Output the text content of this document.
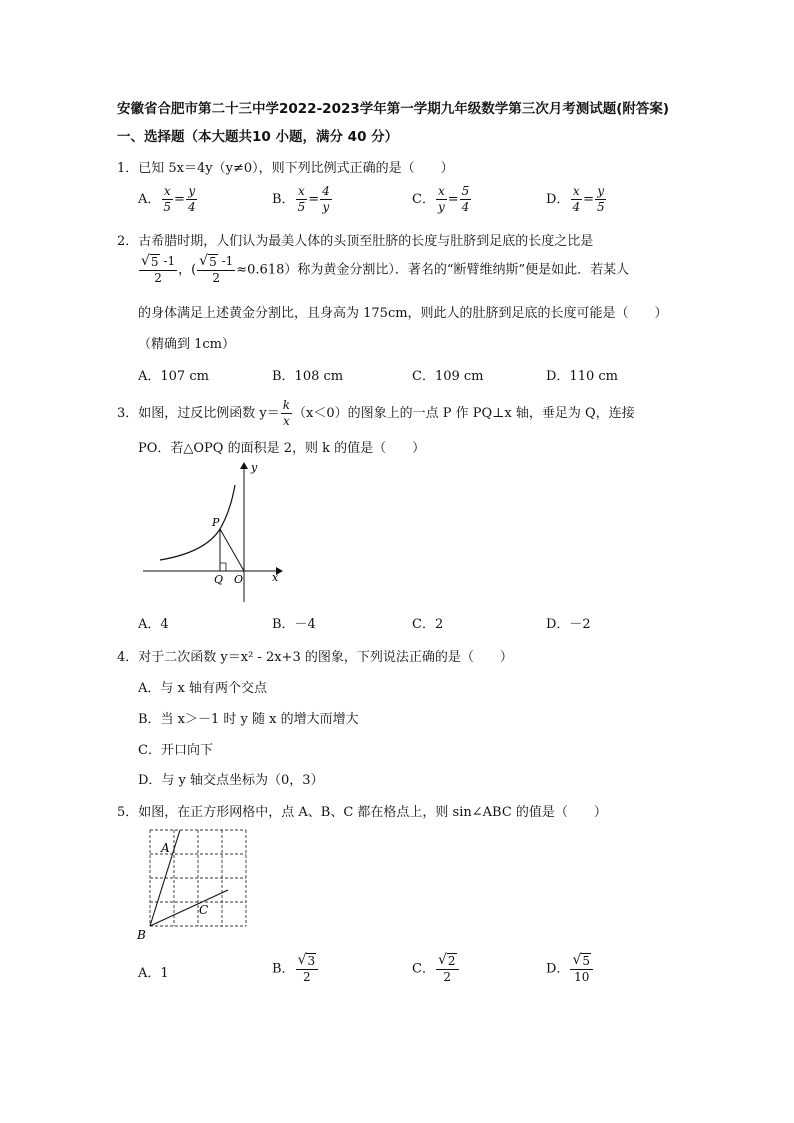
安徽省合肥市第二十三中学2022-2023学年第一学期九年级数学第三次月考测试题(附答案)
一、选择题（本大题共10 小题，满分 40 分）
1．已知 5x＝4y（y≠0），则下列比例式正确的是（　　）
A． $\frac{x}{5} = \frac{y}{4}$	B． $\frac{x}{5} = \frac{4}{y}$	C． $\frac{x}{y} = \frac{5}{4}$	D． $\frac{x}{4} = \frac{y}{5}$
2．古希腊时期，人们认为最美人体的头顶至肚脐的长度与肚脐到足底的长度之比是
$\frac{√ 5 -1}{2}$ ，( $\frac{√ 5 -1}{2} \approx 0.618$）称为黄金分割比）．著名的“断臂维纳斯”便是如此．若某人
的身体满足上述黄金分割比，且身高为 175cm，则此人的肚脐到足底的长度可能是（　　）
（精确到 1cm）
A．107 cm	B．108 cm	C．109 cm	D．110 cm
3．如图，过反比例函数 $y= \frac{k}{x} (x<0)$的图象上的一点 P 作 PQ⊥x 轴，垂足为 Q，连接
PO．若△OPQ 的面积是 2，则 k 的值是（　　）
P
Q O	x
y
A．4	B．－4	C．2	D．－2
4．对于二次函数 y＝x² - 2x+3 的图象，下列说法正确的是（　　）
A．与 x 轴有两个交点
B．当 x＞－1 时 y 随 x 的增大而增大
C．开口向下
D．与 y 轴交点坐标为（0，3）
5．如图，在正方形网格中，点 A、B、C 都在格点上，则 sin∠ABC 的值是（　　）
A
B
C
A．1	B． $\frac{√ 3}{2}$	C． $\frac{√ 2}{2}$	D． $\frac{√ 5}{10}$
